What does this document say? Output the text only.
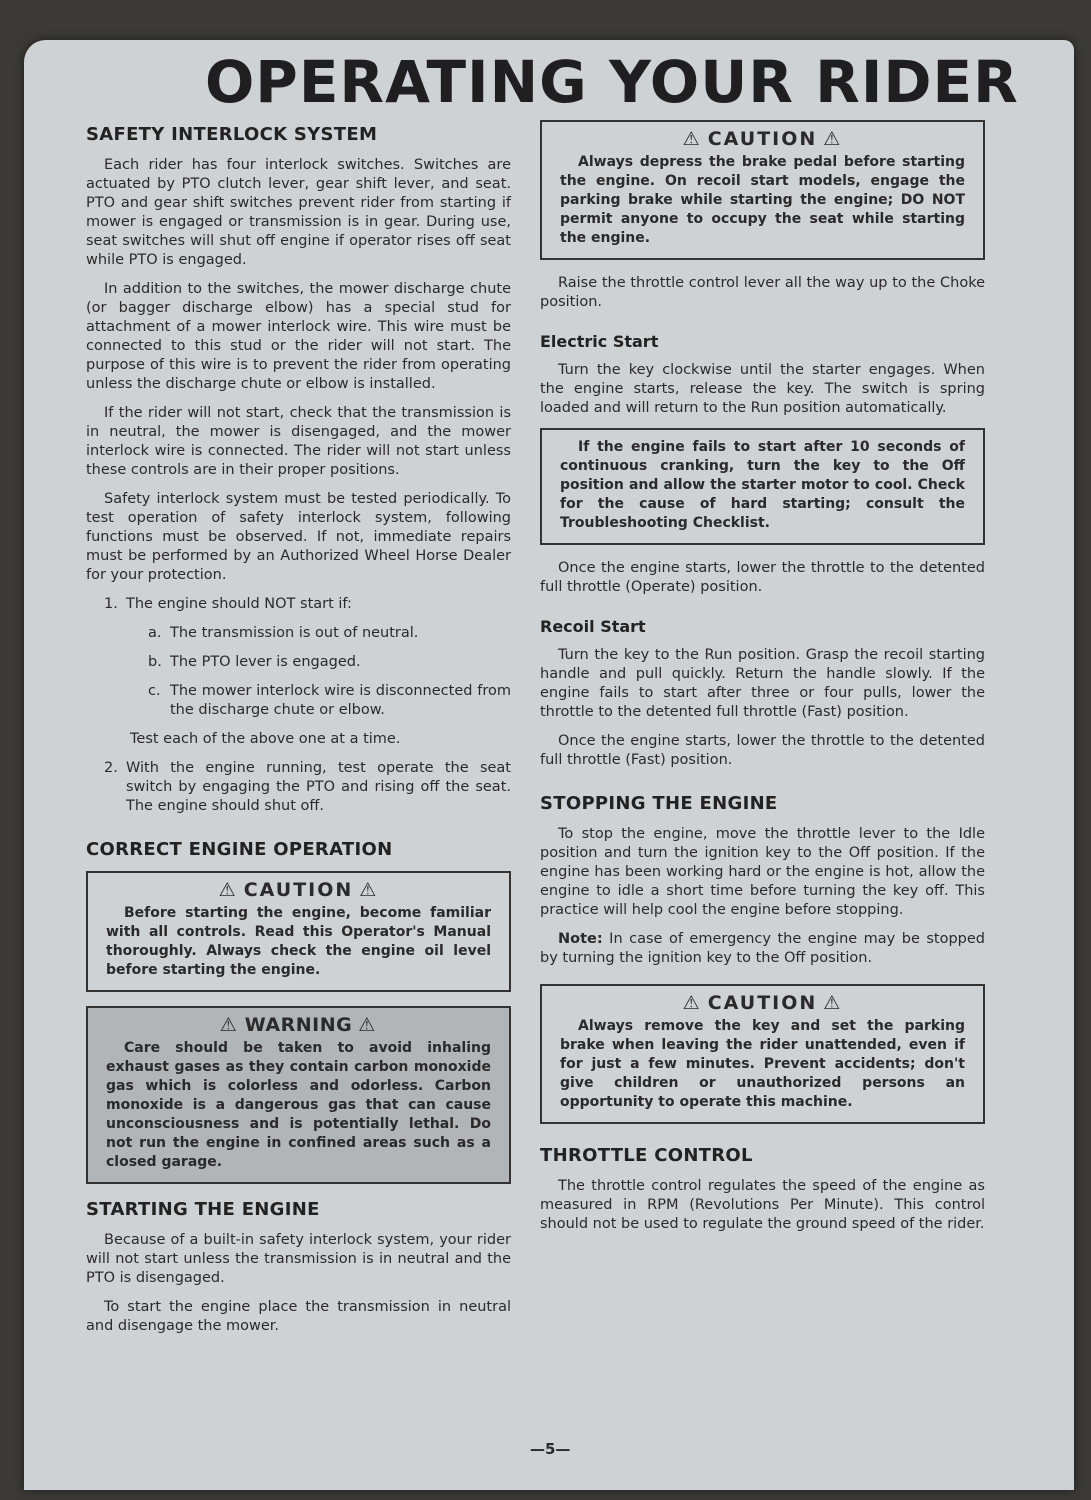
OPERATING YOUR RIDER
SAFETY INTERLOCK SYSTEM

Each rider has four interlock switches. Switches are actuated by PTO clutch lever, gear shift lever, and seat. PTO and gear shift switches prevent rider from starting if mower is engaged or transmission is in gear. During use, seat switches will shut off engine if operator rises off seat while PTO is engaged.

In addition to the switches, the mower discharge chute (or bagger discharge elbow) has a special stud for attachment of a mower interlock wire. This wire must be connected to this stud or the rider will not start. The purpose of this wire is to prevent the rider from operating unless the discharge chute or elbow is installed.

If the rider will not start, check that the transmission is in neutral, the mower is disengaged, and the mower interlock wire is connected. The rider will not start unless these controls are in their proper positions.

Safety interlock system must be tested periodically. To test operation of safety interlock system, following functions must be observed. If not, immediate repairs must be performed by an Authorized Wheel Horse Dealer for your protection.

1. The engine should NOT start if:
a. The transmission is out of neutral.
b. The PTO lever is engaged.
c. The mower interlock wire is disconnected from the discharge chute or elbow.
Test each of the above one at a time.
2. With the engine running, test operate the seat switch by engaging the PTO and rising off the seat. The engine should shut off.
CORRECT ENGINE OPERATION
⚠ CAUTION ⚠
Before starting the engine, become familiar with all controls. Read this Operator's Manual thoroughly. Always check the engine oil level before starting the engine.
⚠ WARNING ⚠
Care should be taken to avoid inhaling exhaust gases as they contain carbon monoxide gas which is colorless and odorless. Carbon monoxide is a dangerous gas that can cause unconsciousness and is potentially lethal. Do not run the engine in confined areas such as a closed garage.
STARTING THE ENGINE

Because of a built-in safety interlock system, your rider will not start unless the transmission is in neutral and the PTO is disengaged.

To start the engine place the transmission in neutral and disengage the mower.

⚠ CAUTION ⚠
Always depress the brake pedal before starting the engine. On recoil start models, engage the parking brake while starting the engine; DO NOT permit anyone to occupy the seat while starting the engine.

Raise the throttle control lever all the way up to the Choke position.

Electric Start

Turn the key clockwise until the starter engages. When the engine starts, release the key. The switch is spring loaded and will return to the Run position automatically.

If the engine fails to start after 10 seconds of continuous cranking, turn the key to the Off position and allow the starter motor to cool. Check for the cause of hard starting; consult the Troubleshooting Checklist.

Once the engine starts, lower the throttle to the detented full throttle (Operate) position.

Recoil Start

Turn the key to the Run position. Grasp the recoil starting handle and pull quickly. Return the handle slowly. If the engine fails to start after three or four pulls, lower the throttle to the detented full throttle (Fast) position.

Once the engine starts, lower the throttle to the detented full throttle (Fast) position.

STOPPING THE ENGINE

To stop the engine, move the throttle lever to the Idle position and turn the ignition key to the Off position. If the engine has been working hard or the engine is hot, allow the engine to idle a short time before turning the key off. This practice will help cool the engine before stopping.

Note: In case of emergency the engine may be stopped by turning the ignition key to the Off position.

⚠ CAUTION ⚠
Always remove the key and set the parking brake when leaving the rider unattended, even if for just a few minutes. Prevent accidents; don't give children or unauthorized persons an opportunity to operate this machine.
THROTTLE CONTROL

The throttle control regulates the speed of the engine as measured in RPM (Revolutions Per Minute). This control should not be used to regulate the ground speed of the rider.

—5—
